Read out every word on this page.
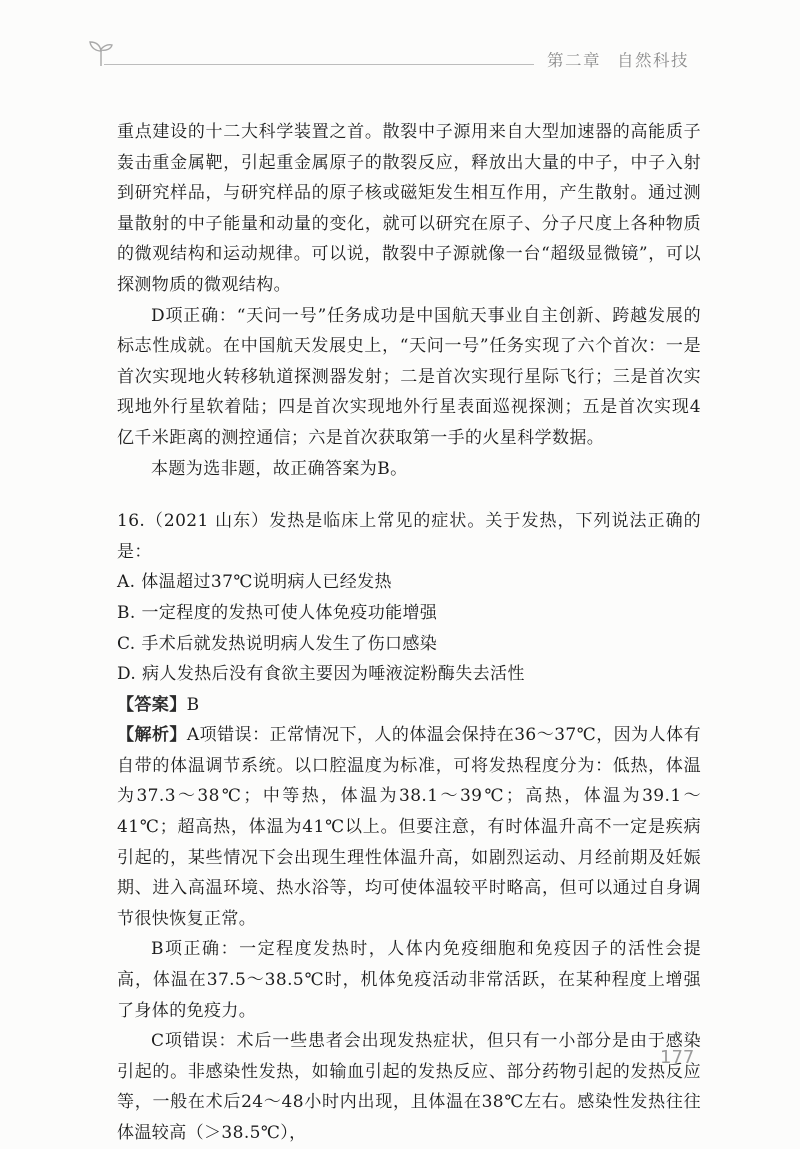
第二章 自然科技

重点建设的十二大科学装置之首。散裂中子源用来自大型加速器的高能质子轰击重金属靶，引起重金属原子的散裂反应，释放出大量的中子，中子入射到研究样品，与研究样品的原子核或磁矩发生相互作用，产生散射。通过测量散射的中子能量和动量的变化，就可以研究在原子、分子尺度上各种物质的微观结构和运动规律。可以说，散裂中子源就像一台“超级显微镜”，可以探测物质的微观结构。

D项正确：“天问一号”任务成功是中国航天事业自主创新、跨越发展的标志性成就。在中国航天发展史上，“天问一号”任务实现了六个首次：一是首次实现地火转移轨道探测器发射；二是首次实现行星际飞行；三是首次实现地外行星软着陆；四是首次实现地外行星表面巡视探测；五是首次实现4亿千米距离的测控通信；六是首次获取第一手的火星科学数据。

本题为选非题，故正确答案为B。

16.（2021 山东）发热是临床上常见的症状。关于发热，下列说法正确的是：

A. 体温超过37℃说明病人已经发热

B. 一定程度的发热可使人体免疫功能增强

C. 手术后就发热说明病人发生了伤口感染

D. 病人发热后没有食欲主要因为唾液淀粉酶失去活性

【答案】B

【解析】A项错误：正常情况下，人的体温会保持在36～37℃，因为人体有自带的体温调节系统。以口腔温度为标准，可将发热程度分为：低热，体温为37.3～38℃；中等热，体温为38.1～39℃；高热，体温为39.1～41℃；超高热，体温为41℃以上。但要注意，有时体温升高不一定是疾病引起的，某些情况下会出现生理性体温升高，如剧烈运动、月经前期及妊娠期、进入高温环境、热水浴等，均可使体温较平时略高，但可以通过自身调节很快恢复正常。

B项正确：一定程度发热时，人体内免疫细胞和免疫因子的活性会提高，体温在37.5～38.5℃时，机体免疫活动非常活跃，在某种程度上增强了身体的免疫力。

C项错误：术后一些患者会出现发热症状，但只有一小部分是由于感染引起的。非感染性发热，如输血引起的发热反应、部分药物引起的发热反应等，一般在术后24～48小时内出现，且体温在38℃左右。感染性发热往往体温较高（＞38.5℃），

177
